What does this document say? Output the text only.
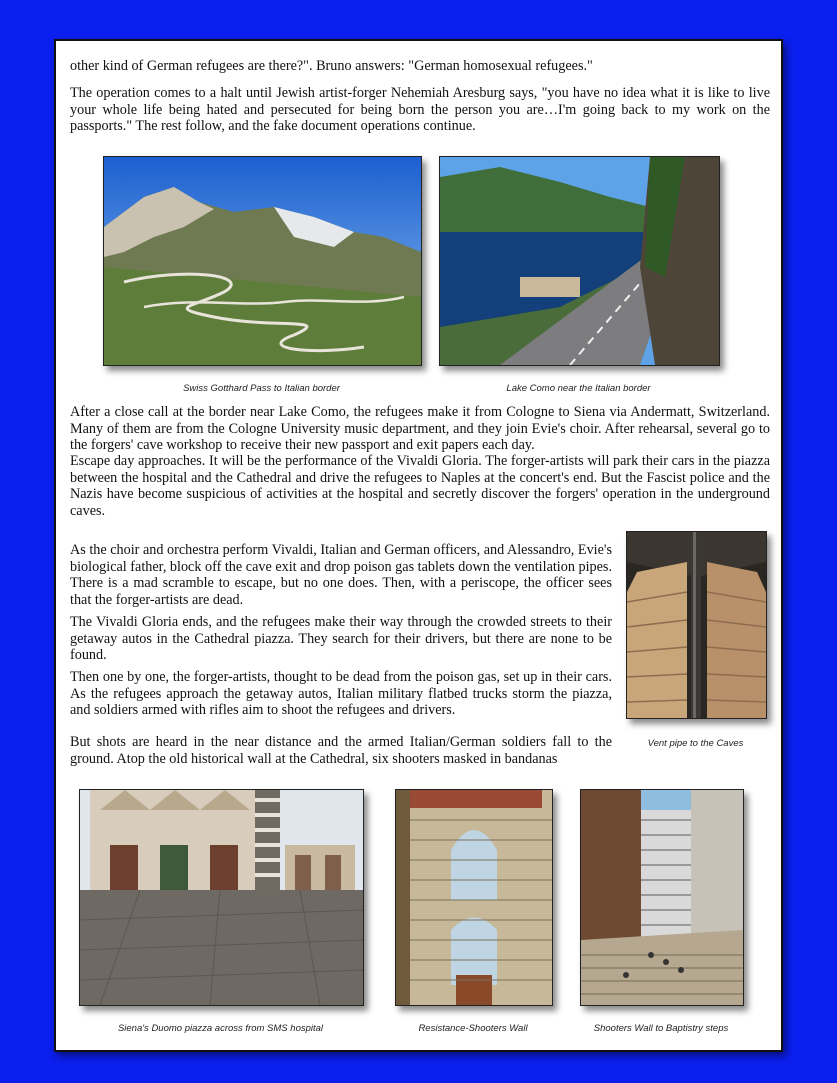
other kind of German refugees are there?". Bruno answers: "German homosexual refugees."

The operation comes to a halt until Jewish artist-forger Nehemiah Aresburg says, "you have no idea what it is like to live your whole life being hated and persecuted for being born the person you are…I'm going back to my work on the passports." The rest follow, and the fake document operations continue.

Swiss Gotthard Pass to Italian border	Lake Como near the Italian border

After a close call at the border near Lake Como, the refugees make it from Cologne to Siena via Andermatt, Switzerland. Many of them are from the Cologne University music department, and they join Evie's choir. After rehearsal, several go to the forgers' cave workshop to receive their new passport and exit papers each day.

Escape day approaches. It will be the performance of the Vivaldi Gloria. The forger-artists will park their cars in the piazza between the hospital and the Cathedral and drive the refugees to Naples at the concert's end. But the Fascist police and the Nazis have become suspicious of activities at the hospital and secretly discover the forgers' operation in the underground caves.

As the choir and orchestra perform Vivaldi, Italian and German officers, and Alessandro, Evie's biological father, block off the cave exit and drop poison gas tablets down the ventilation pipes. There is a mad scramble to escape, but no one does. Then, with a periscope, the officer sees that the forger-artists are dead.

The Vivaldi Gloria ends, and the refugees make their way through the crowded streets to their getaway autos in the Cathedral piazza. They search for their drivers, but there are none to be found.

Then one by one, the forger-artists, thought to be dead from the poison gas, set up in their cars. As the refugees approach the getaway autos, Italian military flatbed trucks storm the piazza, and soldiers armed with rifles aim to shoot the refugees and drivers.

But shots are heard in the near distance and the armed Italian/German soldiers fall to the ground. Atop the old historical wall at the Cathedral, six shooters masked in bandanas

Vent pipe to the Caves

Siena's Duomo piazza across from SMS hospital	Resistance-Shooters Wall	Shooters Wall to Baptistry steps
